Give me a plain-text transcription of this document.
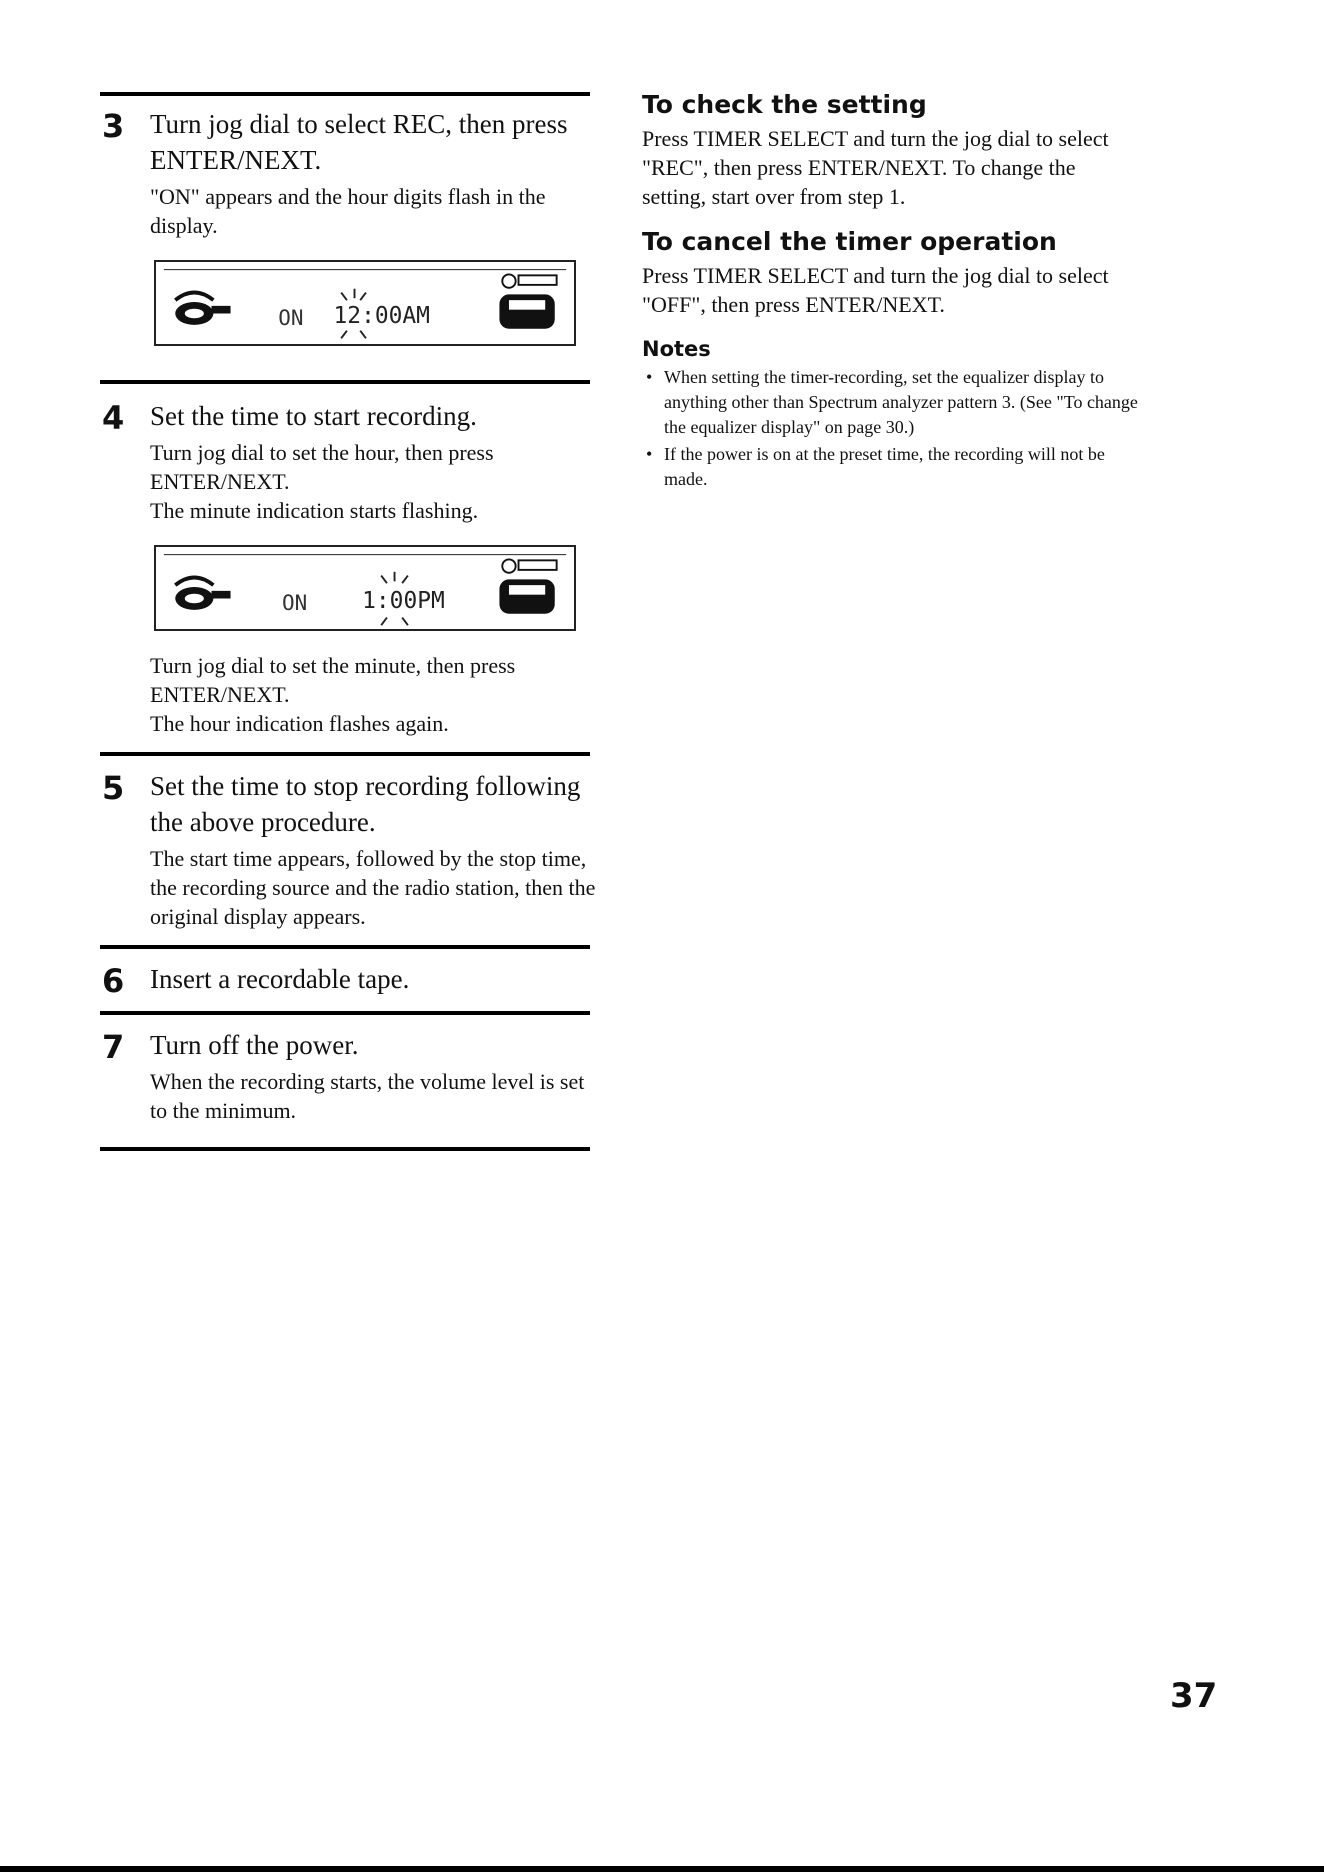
3 Turn jog dial to select REC, then press ENTER/NEXT.

"ON" appears and the hour digits flash in the display.

ON 12:00AM
4 Set the time to start recording.

Turn jog dial to set the hour, then press ENTER/NEXT.

The minute indication starts flashing.

ON 1:00PM

Turn jog dial to set the minute, then press ENTER/NEXT.

The hour indication flashes again.

5 Set the time to stop recording following the above procedure.

The start time appears, followed by the stop time, the recording source and the radio station, then the original display appears.

6 Insert a recordable tape.
7 Turn off the power.

When the recording starts, the volume level is set to the minimum.

To check the setting

Press TIMER SELECT and turn the jog dial to select "REC", then press ENTER/NEXT. To change the setting, start over from step 1.

To cancel the timer operation

Press TIMER SELECT and turn the jog dial to select "OFF", then press ENTER/NEXT.

Notes
• When setting the timer-recording, set the equalizer display to anything other than Spectrum analyzer pattern 3. (See "To change the equalizer display" on page 30.)
• If the power is on at the preset time, the recording will not be made.
37
